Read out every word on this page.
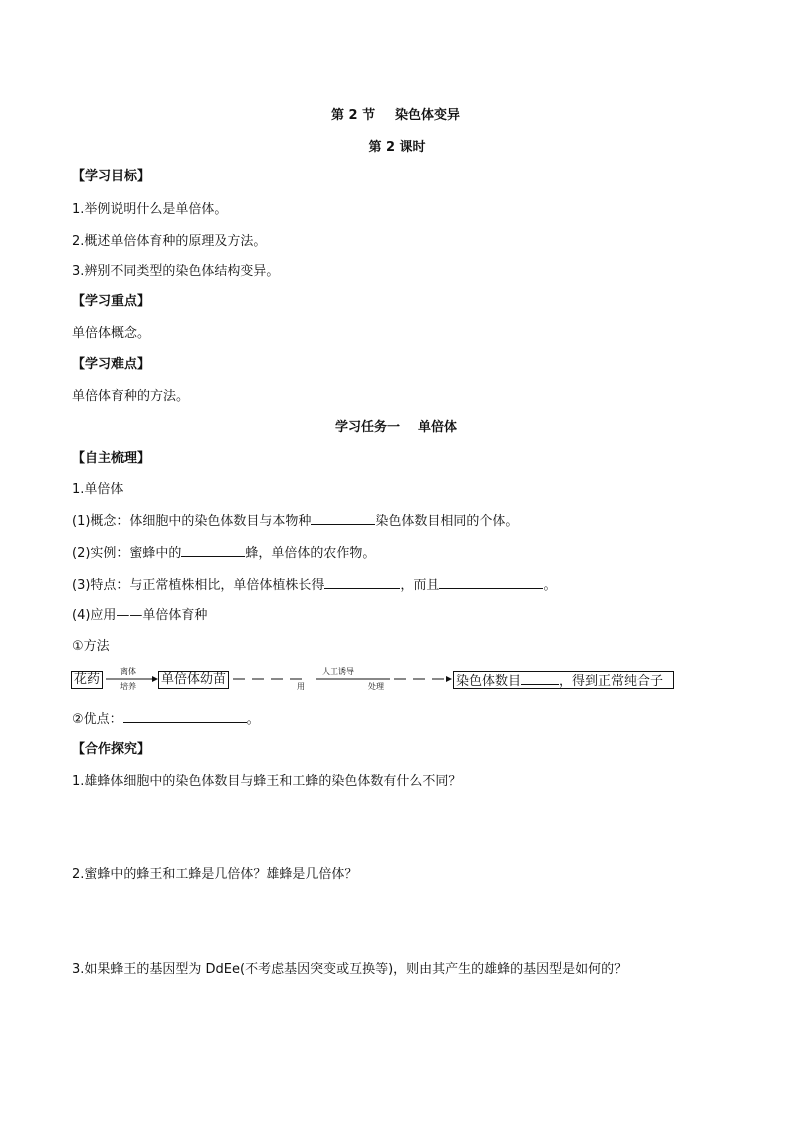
第 2 节 染色体变异
第 2 课时
【学习目标】
1.举例说明什么是单倍体。
2.概述单倍体育种的原理及方法。
3.辨别不同类型的染色体结构变异。
【学习重点】
单倍体概念。
【学习难点】
单倍体育种的方法。
学习任务一 单倍体
【自主梳理】
1.单倍体
(1)概念：体细胞中的染色体数目与本物种	染色体数目相同的个体。
(2)实例：蜜蜂中的	蜂，单倍体的农作物。
(3)特点：与正常植株相比，单倍体植株长得	，而且	。
(4)应用——单倍体育种
①方法
花药
离体
培养 单倍体幼苗	用
人工诱导
处理	染色体数目	，得到正常纯合子
②优点：	。
【合作探究】
1.雄蜂体细胞中的染色体数目与蜂王和工蜂的染色体数有什么不同？
2.蜜蜂中的蜂王和工蜂是几倍体？雄蜂是几倍体？
3.如果蜂王的基因型为 DdEe(不考虑基因突变或互换等)，则由其产生的雄蜂的基因型是如何的？
